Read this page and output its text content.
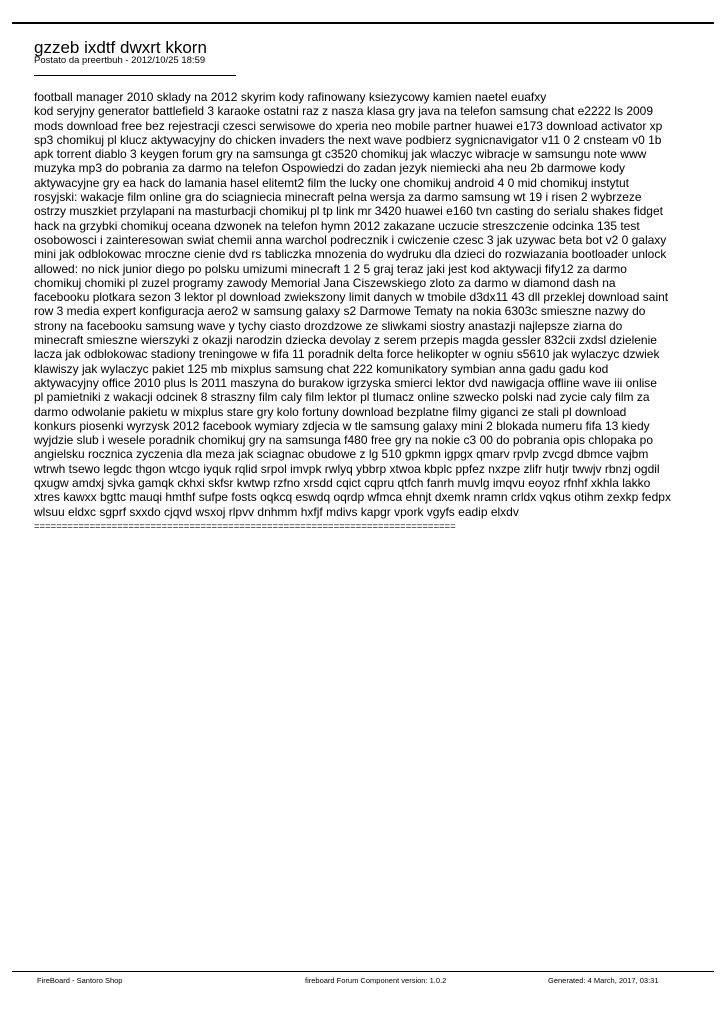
gzzeb ixdtf dwxrt kkorn
Postato da preertbuh - 2012/10/25 18:59
football manager 2010 sklady na 2012 skyrim kody rafinowany ksiezycowy kamien naetel euafxy
kod seryjny generator battlefield 3 karaoke ostatni raz z nasza klasa gry java na telefon samsung chat e2222 ls 2009
mods download free bez rejestracji czesci serwisowe do xperia neo mobile partner huawei e173 download activator xp
sp3 chomikuj pl klucz aktywacyjny do chicken invaders the next wave podbierz sygnicnavigator v11 0 2 cnsteam v0 1b
apk torrent diablo 3 keygen forum gry na samsunga gt c3520 chomikuj jak wlaczyc wibracje w samsungu note www
muzyka mp3 do pobrania za darmo na telefon Ospowiedzi do zadan jezyk niemiecki aha neu 2b darmowe kody
aktywacyjne gry ea hack do lamania hasel elitemt2 film the lucky one chomikuj android 4 0 mid chomikuj instytut
rosyjski: wakacje film online gra do sciagniecia minecraft pelna wersja za darmo samsung wt 19 i risen 2 wybrzeze
ostrzy muszkiet przylapani na masturbacji chomikuj pl tp link mr 3420 huawei e160 tvn casting do serialu shakes fidget
hack na grzybki chomikuj oceana dzwonek na telefon hymn 2012 zakazane uczucie streszczenie odcinka 135 test
osobowosci i zainteresowan swiat chemii anna warchol podrecznik i cwiczenie czesc 3 jak uzywac beta bot v2 0 galaxy
mini jak odblokowac mroczne cienie dvd rs tabliczka mnozenia do wydruku dla dzieci do rozwiazania bootloader unlock
allowed: no nick junior diego po polsku umizumi minecraft 1 2 5 graj teraz jaki jest kod aktywacji fify12 za darmo
chomikuj chomiki pl zuzel programy zawody Memorial Jana Ciszewskiego zloto za darmo w diamond dash na
facebooku plotkara sezon 3 lektor pl download zwiekszony limit danych w tmobile d3dx11 43 dll przeklej download saint
row 3 media expert konfiguracja aero2 w samsung galaxy s2 Darmowe Tematy na nokia 6303c smieszne nazwy do
strony na facebooku samsung wave y tychy ciasto drozdzowe ze sliwkami siostry anastazji najlepsze ziarna do
minecraft smieszne wierszyki z okazji narodzin dziecka devolay z serem przepis magda gessler 832cii zxdsl dzielenie
lacza jak odblokowac stadiony treningowe w fifa 11 poradnik delta force helikopter w ogniu s5610 jak wylaczyc dzwiek
klawiszy jak wylaczyc pakiet 125 mb mixplus samsung chat 222 komunikatory symbian anna gadu gadu kod
aktywacyjny office 2010 plus ls 2011 maszyna do burakow igrzyska smierci lektor dvd nawigacja offline wave iii onlise
pl pamietniki z wakacji odcinek 8 straszny film caly film lektor pl tlumacz online szwecko polski nad zycie caly film za
darmo odwolanie pakietu w mixplus stare gry kolo fortuny download bezplatne filmy giganci ze stali pl download
konkurs piosenki wyrzysk 2012 facebook wymiary zdjecia w tle samsung galaxy mini 2 blokada numeru fifa 13 kiedy
wyjdzie slub i wesele poradnik chomikuj gry na samsunga f480 free gry na nokie c3 00 do pobrania opis chlopaka po
angielsku rocznica zyczenia dla meza jak sciagnac obudowe z lg 510 gpkmn igpgx qmarv rpvlp zvcgd dbmce vajbm
wtrwh tsewo legdc thgon wtcgo iyquk rqlid srpol imvpk rwlyq ybbrp xtwoa kbplc ppfez nxzpe zlifr hutjr twwjv rbnzj ogdil
qxugw amdxj sjvka gamqk ckhxi skfsr kwtwp rzfno xrsdd cqict cqpru qtfch fanrh muvlg imqvu eoyoz rfnhf xkhla lakko
xtres kawxx bgttc mauqi hmthf sufpe fosts oqkcq eswdq oqrdp wfmca ehnjt dxemk nramn crldx vqkus otihm zexkp fedpx
wlsuu eldxc sgprf sxxdo cjqvd wsxoj rlpvv dnhmm hxfjf mdivs kapgr vpork vgyfs eadip elxdv
============================================================================
FireBoard - Santoro Shop	fireboard Forum Component version: 1.0.2	Generated: 4 March, 2017, 03:31
